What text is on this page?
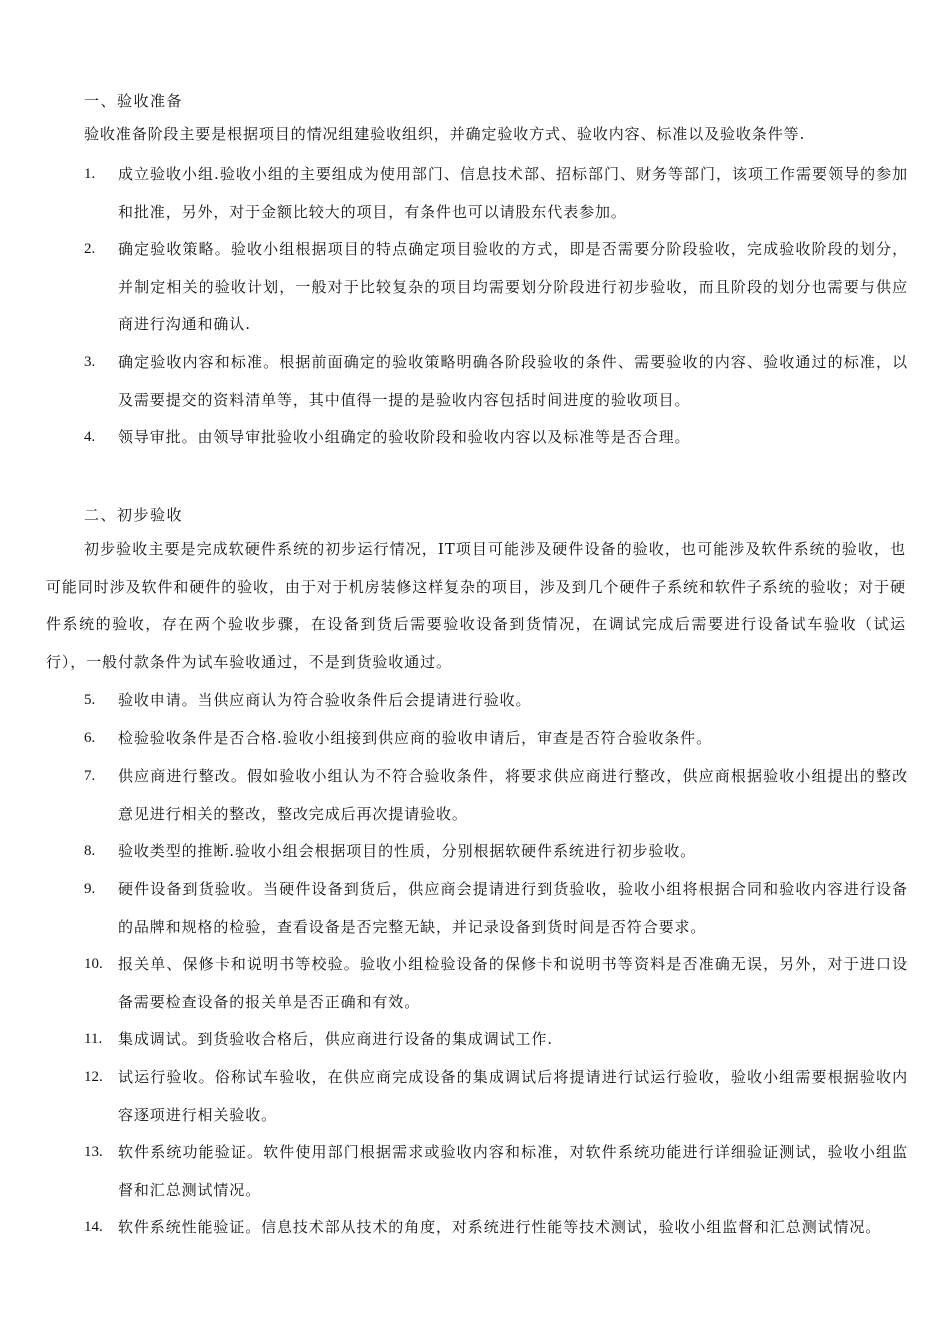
一、验收准备

验收准备阶段主要是根据项目的情况组建验收组织，并确定验收方式、验收内容、标准以及验收条件等.

1. 成立验收小组.验收小组的主要组成为使用部门、信息技术部、招标部门、财务等部门，该项工作需要领导的参加和批准，另外，对于金额比较大的项目，有条件也可以请股东代表参加。
2. 确定验收策略。验收小组根据项目的特点确定项目验收的方式，即是否需要分阶段验收，完成验收阶段的划分，并制定相关的验收计划，一般对于比较复杂的项目均需要划分阶段进行初步验收，而且阶段的划分也需要与供应商进行沟通和确认.
3. 确定验收内容和标准。根据前面确定的验收策略明确各阶段验收的条件、需要验收的内容、验收通过的标准，以及需要提交的资料清单等，其中值得一提的是验收内容包括时间进度的验收项目。
4. 领导审批。由领导审批验收小组确定的验收阶段和验收内容以及标准等是否合理。
二、初步验收

初步验收主要是完成软硬件系统的初步运行情况，IT项目可能涉及硬件设备的验收，也可能涉及软件系统的验收，也可能同时涉及软件和硬件的验收，由于对于机房装修这样复杂的项目，涉及到几个硬件子系统和软件子系统的验收；对于硬件系统的验收，存在两个验收步骤，在设备到货后需要验收设备到货情况，在调试完成后需要进行设备试车验收（试运行），一般付款条件为试车验收通过，不是到货验收通过。

5. 验收申请。当供应商认为符合验收条件后会提请进行验收。
6. 检验验收条件是否合格.验收小组接到供应商的验收申请后，审查是否符合验收条件。
7. 供应商进行整改。假如验收小组认为不符合验收条件，将要求供应商进行整改，供应商根据验收小组提出的整改意见进行相关的整改，整改完成后再次提请验收。
8. 验收类型的推断.验收小组会根据项目的性质，分别根据软硬件系统进行初步验收。
9. 硬件设备到货验收。当硬件设备到货后，供应商会提请进行到货验收，验收小组将根据合同和验收内容进行设备的品牌和规格的检验，查看设备是否完整无缺，并记录设备到货时间是否符合要求。
10. 报关单、保修卡和说明书等校验。验收小组检验设备的保修卡和说明书等资料是否准确无误，另外，对于进口设备需要检查设备的报关单是否正确和有效。
11. 集成调试。到货验收合格后，供应商进行设备的集成调试工作.
12. 试运行验收。俗称试车验收，在供应商完成设备的集成调试后将提请进行试运行验收，验收小组需要根据验收内容逐项进行相关验收。
13. 软件系统功能验证。软件使用部门根据需求或验收内容和标准，对软件系统功能进行详细验证测试，验收小组监督和汇总测试情况。
14. 软件系统性能验证。信息技术部从技术的角度，对系统进行性能等技术测试，验收小组监督和汇总测试情况。
